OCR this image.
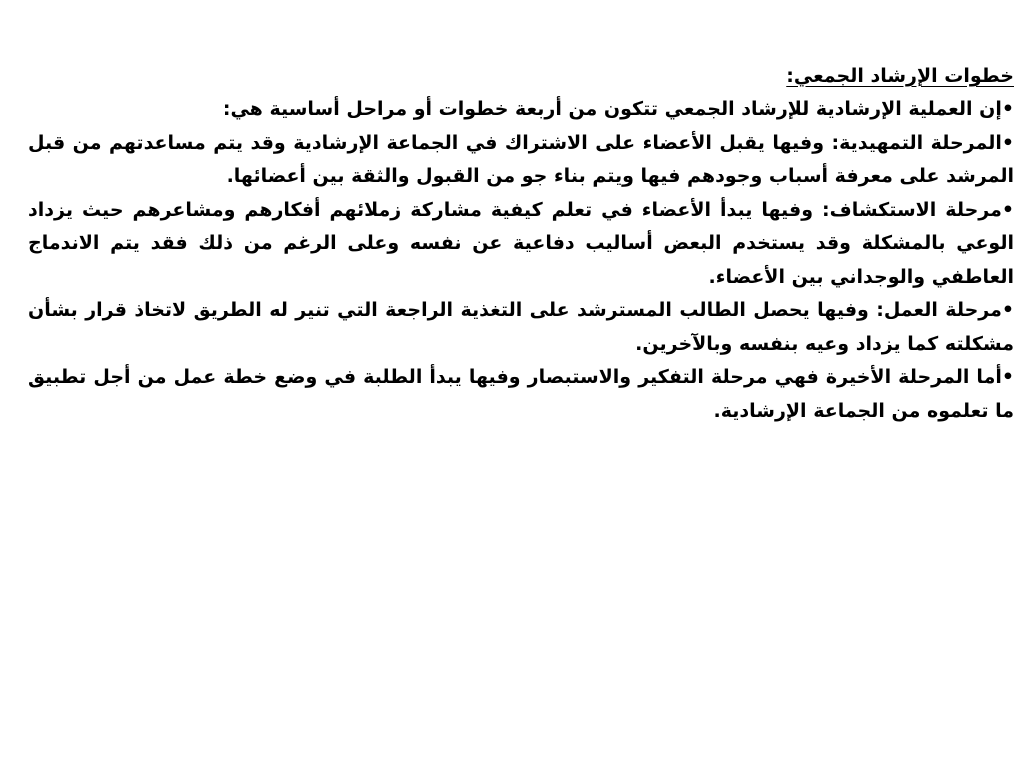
خطوات الإرشاد الجمعي:

•إن العملية الإرشادية للإرشاد الجمعي تتكون من أربعة خطوات أو مراحل أساسية هي:

•المرحلة التمهيدية: وفيها يقبل الأعضاء على الاشتراك في الجماعة الإرشادية وقد يتم مساعدتهم من قبل المرشد على معرفة أسباب وجودهم فيها ويتم بناء جو من القبول والثقة بين أعضائها.

•مرحلة الاستكشاف: وفيها يبدأ الأعضاء في تعلم كيفية مشاركة زملائهم أفكارهم ومشاعرهم حيث يزداد الوعي بالمشكلة وقد يستخدم البعض أساليب دفاعية عن نفسه وعلى الرغم من ذلك فقد يتم الاندماج العاطفي والوجداني بين الأعضاء.

•مرحلة العمل: وفيها يحصل الطالب المسترشد على التغذية الراجعة التي تنير له الطريق لاتخاذ قرار بشأن مشكلته كما يزداد وعيه بنفسه وبالآخرين.

•أما المرحلة الأخيرة فهي مرحلة التفكير والاستبصار وفيها يبدأ الطلبة في وضع خطة عمل من أجل تطبيق ما تعلموه من الجماعة الإرشادية.
